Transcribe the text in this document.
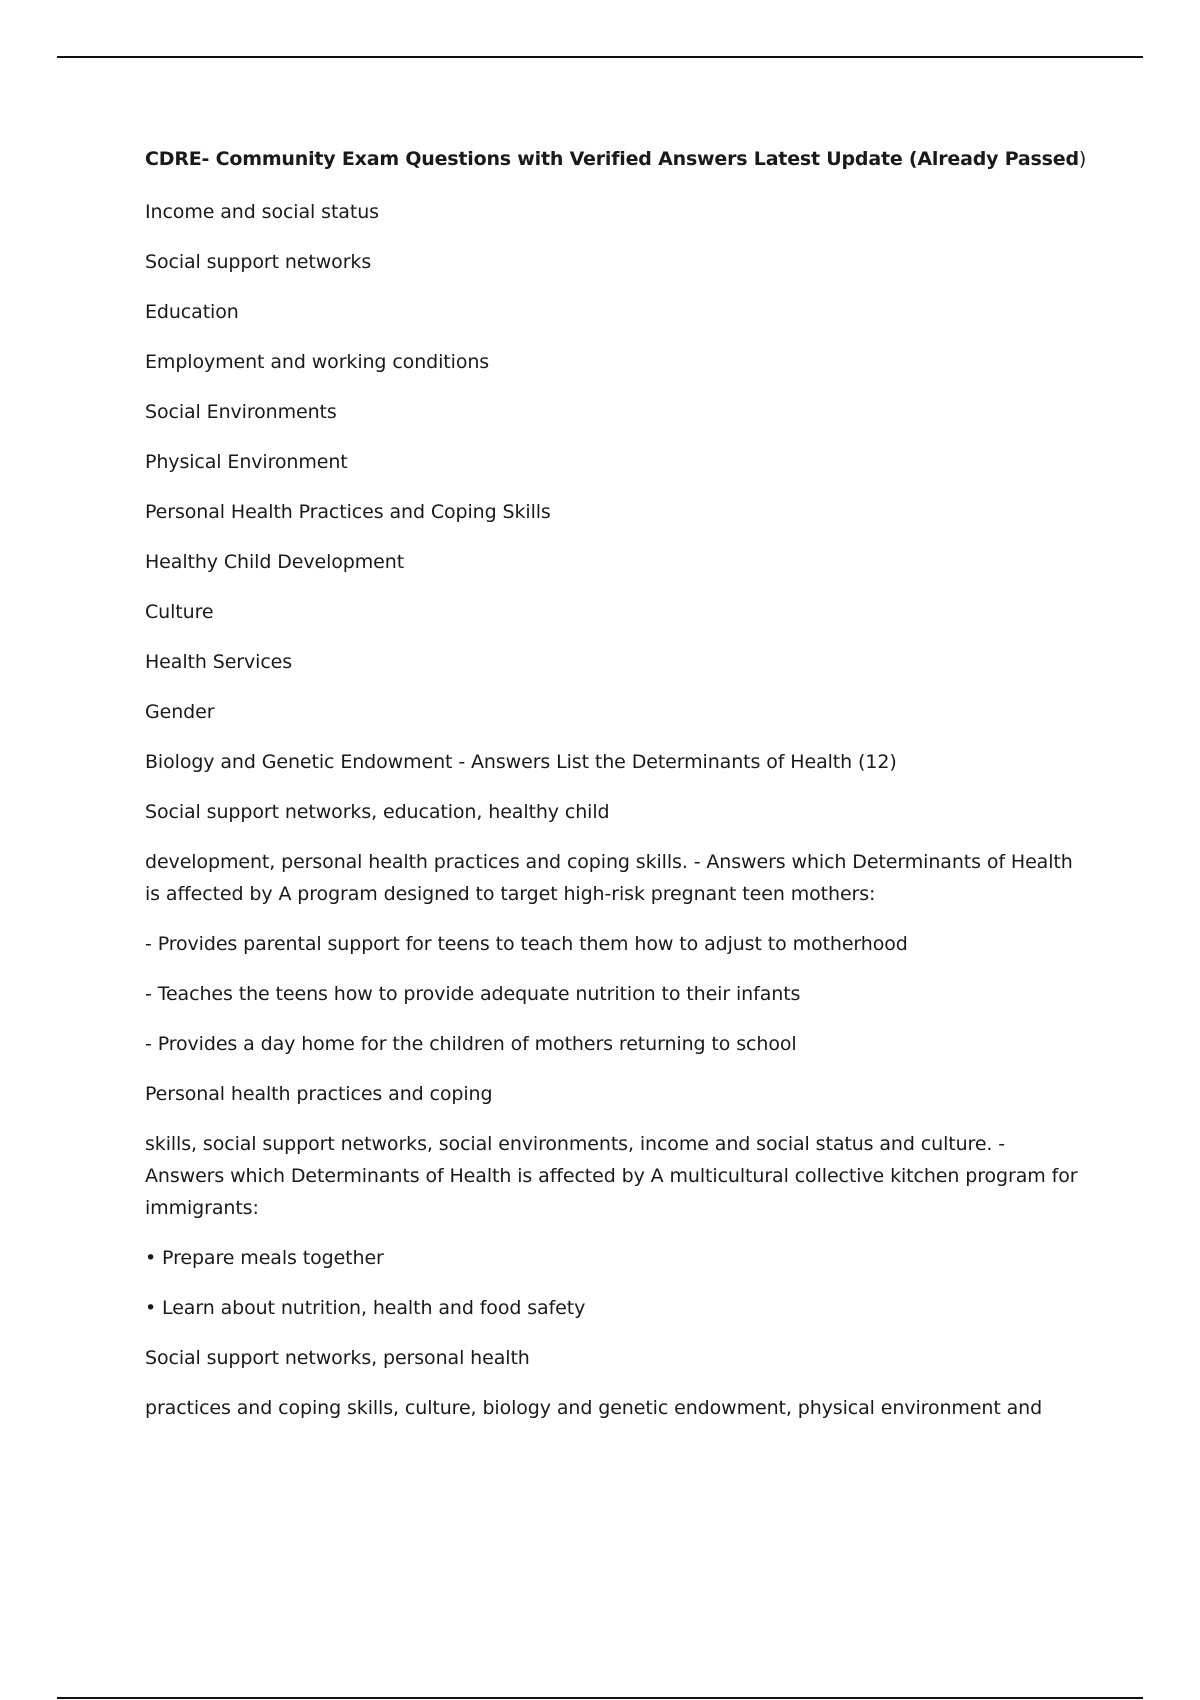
CDRE- Community Exam Questions with Verified Answers Latest Update (Already Passed)
Income and social status
Social support networks
Education
Employment and working conditions
Social Environments
Physical Environment
Personal Health Practices and Coping Skills
Healthy Child Development
Culture
Health Services
Gender
Biology and Genetic Endowment - Answers List the Determinants of Health (12)
Social support networks, education, healthy child
development, personal health practices and coping skills. - Answers which Determinants of Health is affected by A program designed to target high-risk pregnant teen mothers:
- Provides parental support for teens to teach them how to adjust to motherhood
- Teaches the teens how to provide adequate nutrition to their infants
- Provides a day home for the children of mothers returning to school
Personal health practices and coping
skills, social support networks, social environments, income and social status and culture. - Answers which Determinants of Health is affected by A multicultural collective kitchen program for immigrants:
• Prepare meals together
• Learn about nutrition, health and food safety
Social support networks, personal health
practices and coping skills, culture, biology and genetic endowment, physical environment and
